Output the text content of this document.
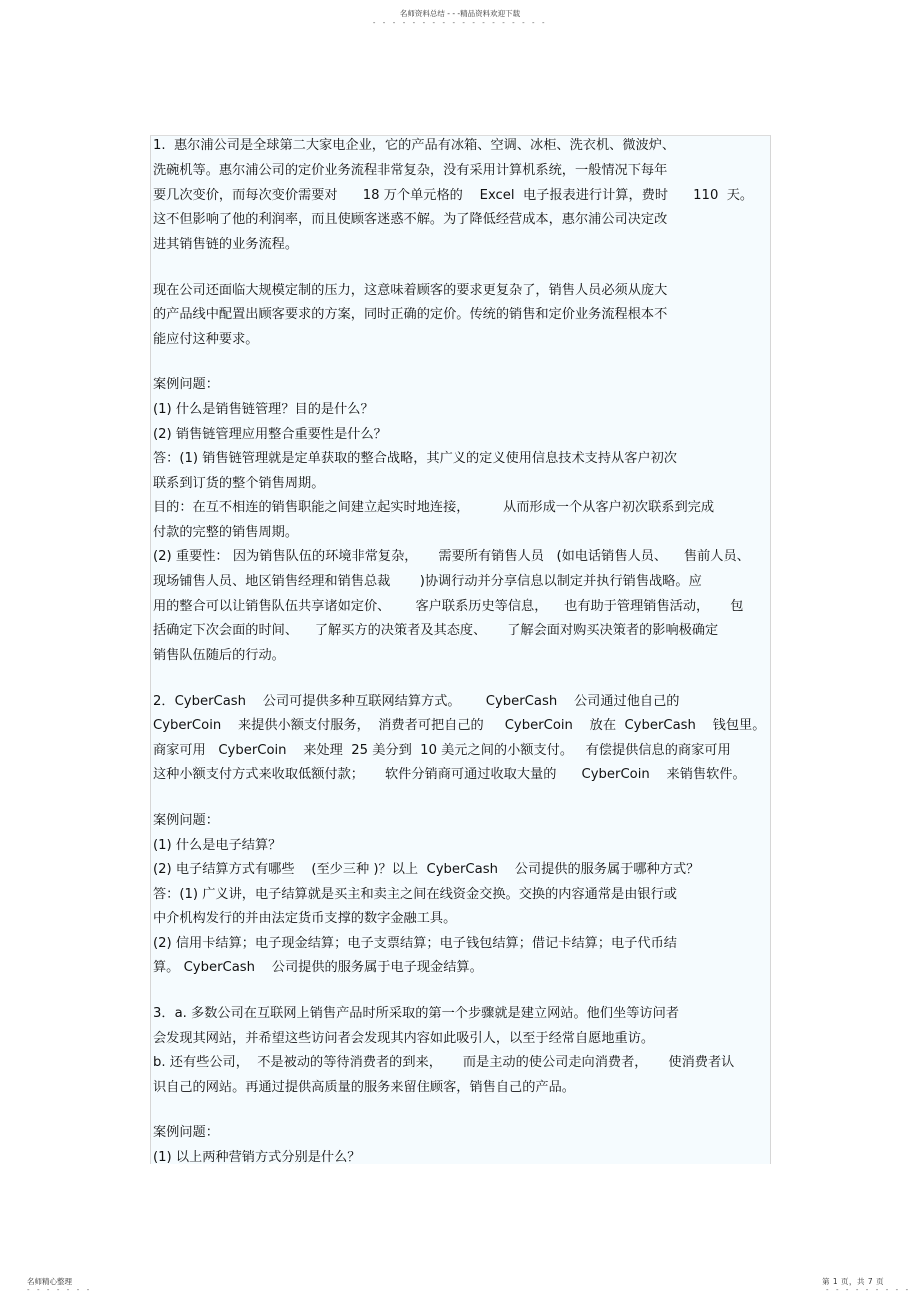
名师资料总结 - - -精品资料欢迎下载
- - - - - - - - - - - - - - - - - -
1.  惠尔浦公司是全球第二大家电企业，它的产品有冰箱、空调、冰柜、洗衣机、微波炉、
洗碗机等。惠尔浦公司的定价业务流程非常复杂，没有采用计算机系统，一般情况下每年
要几次变价，而每次变价需要对      18 万个单元格的    Excel  电子报表进行计算，费时      110  天。
这不但影响了他的利润率，而且使顾客迷惑不解。为了降低经营成本，惠尔浦公司决定改
进其销售链的业务流程。
现在公司还面临大规模定制的压力，这意味着顾客的要求更复杂了，销售人员必须从庞大
的产品线中配置出顾客要求的方案，同时正确的定价。传统的销售和定价业务流程根本不
能应付这种要求。
案例问题：
(1) 什么是销售链管理？目的是什么？
(2) 销售链管理应用整合重要性是什么？
答：(1) 销售链管理就是定单获取的整合战略，其广义的定义使用信息技术支持从客户初次
联系到订货的整个销售周期。
目的：在互不相连的销售职能之间建立起实时地连接，        从而形成一个从客户初次联系到完成
付款的完整的销售周期。
(2) 重要性： 因为销售队伍的环境非常复杂，     需要所有销售人员   (如电话销售人员、    售前人员、
现场铺售人员、地区销售经理和销售总裁       )协调行动并分享信息以制定并执行销售战略。应
用的整合可以让销售队伍共享诸如定价、      客户联系历史等信息，    也有助于管理销售活动，     包
括确定下次会面的时间、    了解买方的决策者及其态度、     了解会面对购买决策者的影响极确定
销售队伍随后的行动。
2．CyberCash    公司可提供多种互联网结算方式。      CyberCash    公司通过他自己的
CyberCoin    来提供小额支付服务，  消费者可把自己的     CyberCoin    放在  CyberCash    钱包里。
商家可用   CyberCoin    来处理  25 美分到  10 美元之间的小额支付。   有偿提供信息的商家可用
这种小额支付方式来收取低额付款；     软件分销商可通过收取大量的      CyberCoin    来销售软件。
案例问题：
(1) 什么是电子结算？
(2) 电子结算方式有哪些    (至少三种 )？以上  CyberCash    公司提供的服务属于哪种方式？
答：(1) 广义讲，电子结算就是买主和卖主之间在线资金交换。交换的内容通常是由银行或
中介机构发行的并由法定货币支撑的数字金融工具。
(2) 信用卡结算；电子现金结算；电子支票结算；电子钱包结算；借记卡结算；电子代币结
算。 CyberCash    公司提供的服务属于电子现金结算。
3．a. 多数公司在互联网上销售产品时所采取的第一个步骤就是建立网站。他们坐等访问者
会发现其网站，并希望这些访问者会发现其内容如此吸引人，以至于经常自愿地重访。
b. 还有些公司，  不是被动的等待消费者的到来，     而是主动的使公司走向消费者，     使消费者认
识自己的网站。再通过提供高质量的服务来留住顾客，销售自己的产品。
案例问题：
(1) 以上两种营销方式分别是什么？
名师精心整理
- - - - - - -
第 1 页，共 7 页
- - - - - - - - -
